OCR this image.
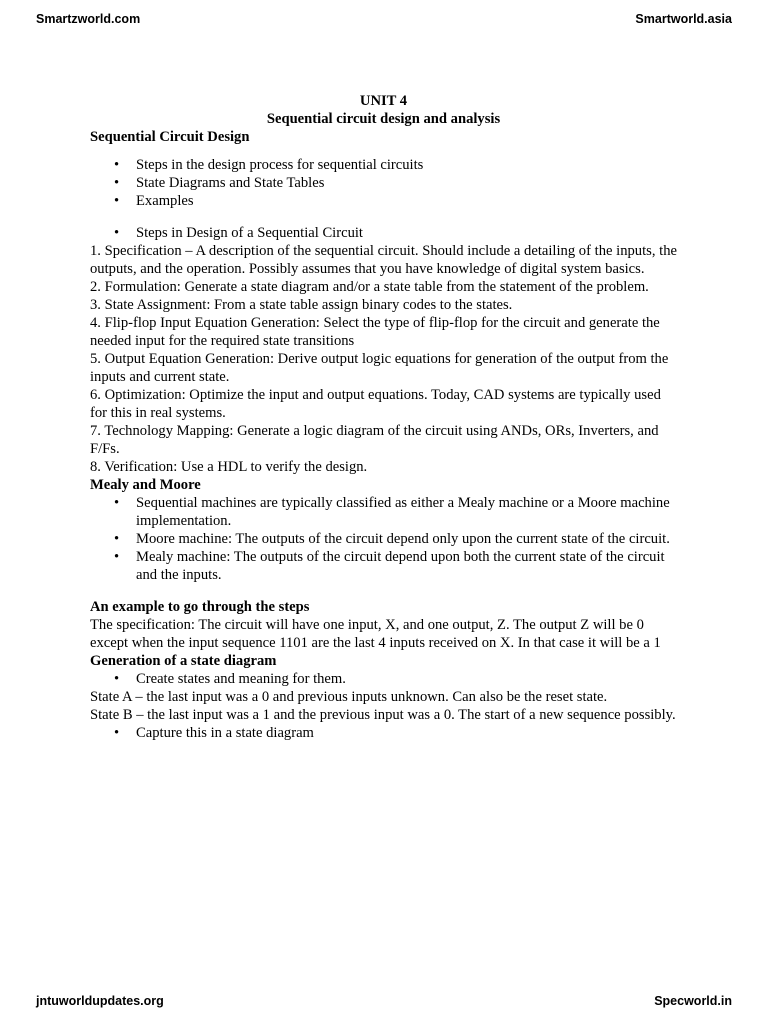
Smartzworld.com	Smartworld.asia
UNIT 4
Sequential circuit design and analysis
Sequential Circuit Design
• Steps in the design process for sequential circuits
• State Diagrams and State Tables
• Examples
• Steps in Design of a Sequential Circuit

1. Specification – A description of the sequential circuit. Should include a detailing of the inputs, the outputs, and the operation. Possibly assumes that you have knowledge of digital system basics.

2. Formulation: Generate a state diagram and/or a state table from the statement of the problem.

3. State Assignment: From a state table assign binary codes to the states.

4. Flip-flop Input Equation Generation: Select the type of flip-flop for the circuit and generate the needed input for the required state transitions

5. Output Equation Generation: Derive output logic equations for generation of the output from the inputs and current state.

6. Optimization: Optimize the input and output equations. Today, CAD systems are typically used for this in real systems.

7. Technology Mapping: Generate a logic diagram of the circuit using ANDs, ORs, Inverters, and F/Fs.

8. Verification: Use a HDL to verify the design.

Mealy and Moore
• Sequential machines are typically classified as either a Mealy machine or a Moore machine implementation.
• Moore machine: The outputs of the circuit depend only upon the current state of the circuit.
• Mealy machine: The outputs of the circuit depend upon both the current state of the circuit and the inputs.
An example to go through the steps

The specification: The circuit will have one input, X, and one output, Z. The output Z will be 0 except when the input sequence 1101 are the last 4 inputs received on X. In that case it will be a 1

Generation of a state diagram
• Create states and meaning for them.

State A – the last input was a 0 and previous inputs unknown. Can also be the reset state.

State B – the last input was a 1 and the previous input was a 0. The start of a new sequence possibly.

• Capture this in a state diagram
jntuworldupdates.org	Specworld.in
